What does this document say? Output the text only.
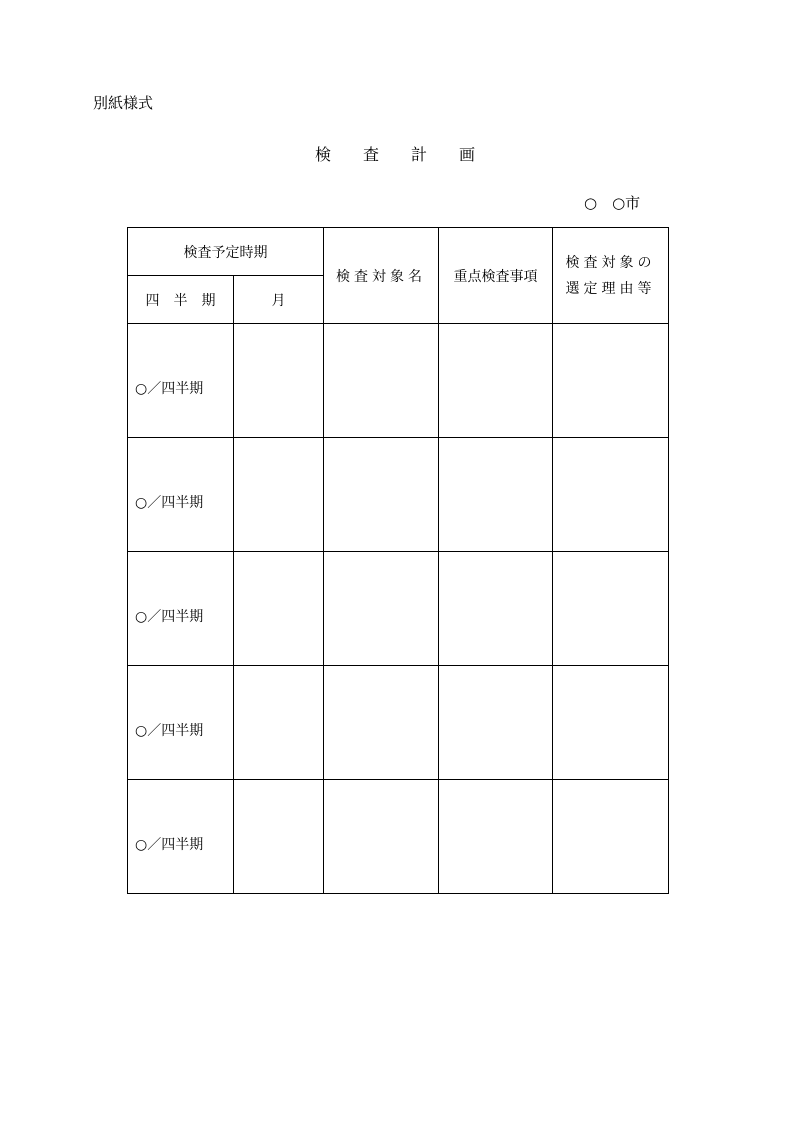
別紙様式
検　　査　　計　　画
○　○市
検査予定時期		検査対象名	重点検査事項	検査対象の
選定理由等

四　半　期	月			
○／四半期				
○／四半期				
○／四半期				
○／四半期				
○／四半期				
